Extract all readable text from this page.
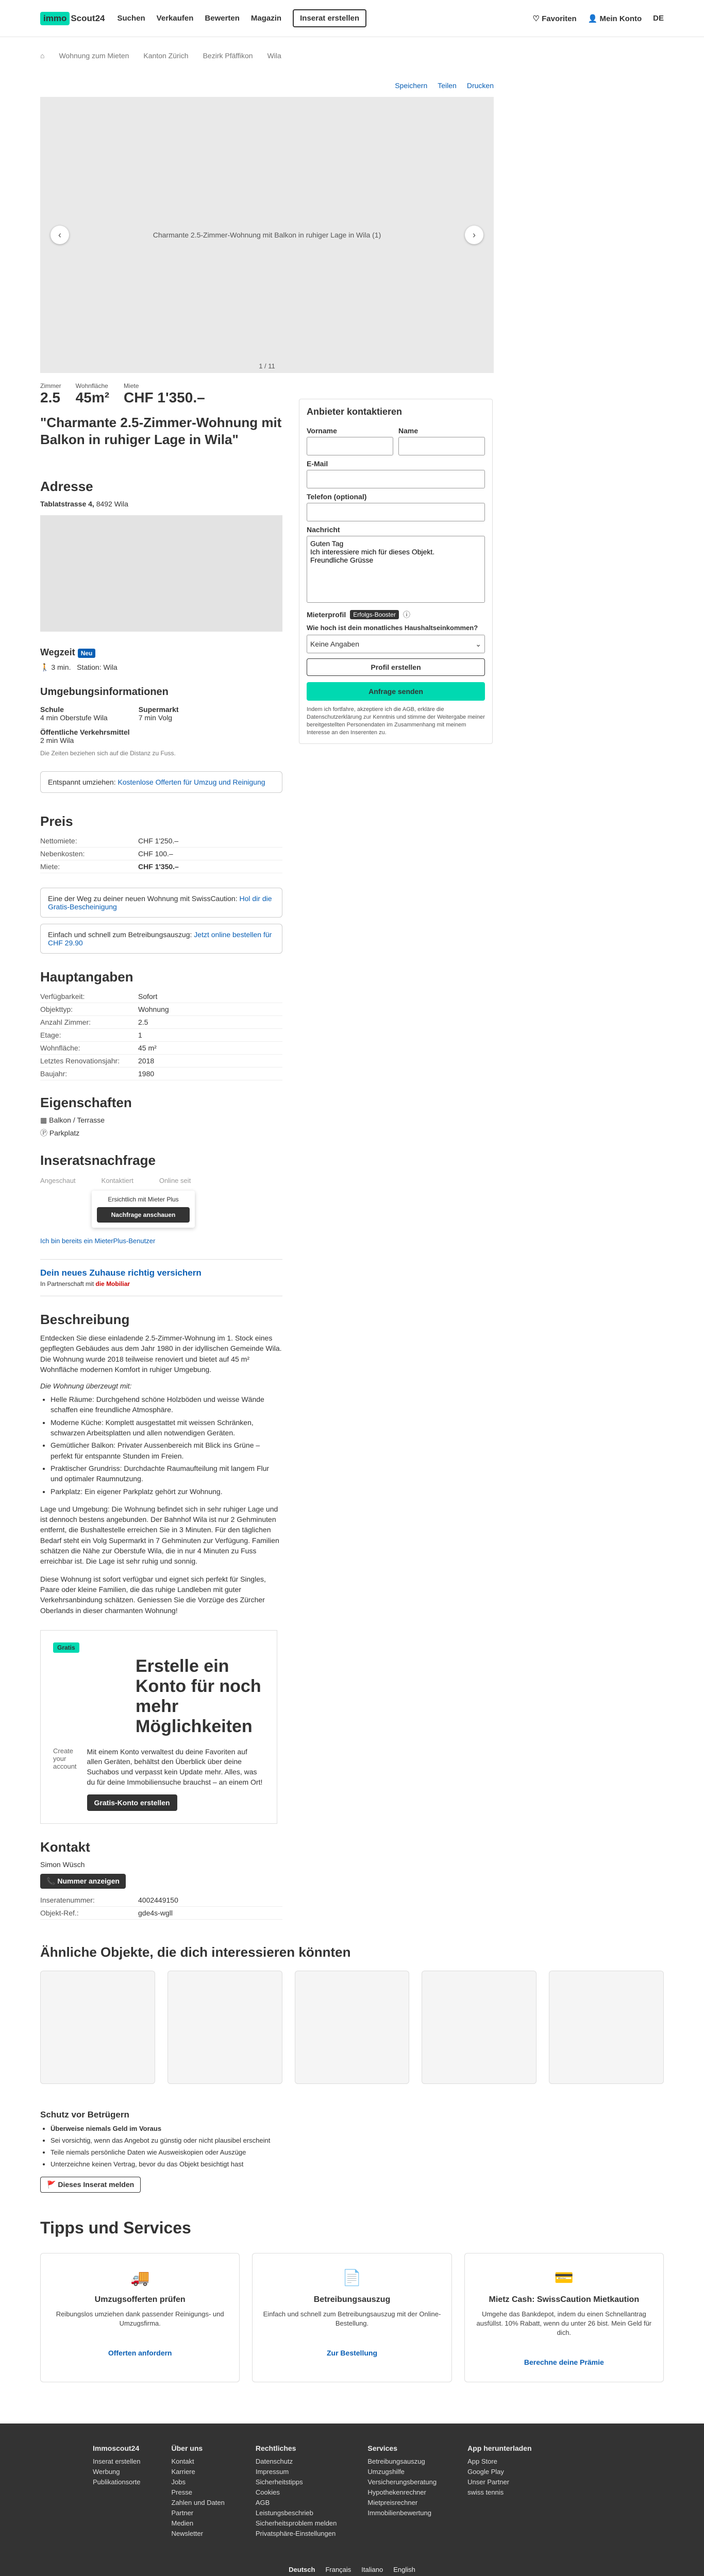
immo Scout24 Suchen Verkaufen Bewerten Magazin	Inserat erstellen	♡ Favoriten 👤 Mein Konto DE
⌂ Wohnung zum Mieten Kanton Zürich Bezirk Pfäffikon Wila
Speichern Teilen Drucken
Charmante 2.5-Zimmer-Wohnung mit Balkon in ruhiger Lage in Wila (1)
‹	›
1 / 11
Zimmer
2.5
Wohnfläche
45m²
Miete
CHF 1'350.–
"Charmante 2.5-Zimmer-Wohnung mit Balkon in ruhiger Lage in Wila"
Adresse
Tablatstrasse 4, 8492 Wila
Wegzeit Neu
🚶 3 min. Station: Wila
Umgebungsinformationen
Schule
4 min Oberstufe Wila
Supermarkt
7 min Volg
Öffentliche Verkehrsmittel
2 min Wila
Die Zeiten beziehen sich auf die Distanz zu Fuss.
Entspannt umziehen: Kostenlose Offerten für Umzug und Reinigung
Preis
Nettomiete:	CHF 1'250.–
Nebenkosten:	CHF 100.–
Miete:	CHF 1'350.–
Eine der Weg zu deiner neuen Wohnung mit SwissCaution: Hol dir die Gratis-Bescheinigung
Einfach und schnell zum Betreibungsauszug: Jetzt online bestellen für CHF 29.90
Hauptangaben
Verfügbarkeit:	Sofort
Objekttyp:	Wohnung
Anzahl Zimmer:	2.5
Etage:	1
Wohnfläche:	45 m²
Letztes Renovationsjahr:	2018
Baujahr:	1980
Eigenschaften
▦ Balkon / Terrasse
Ⓟ Parkplatz
Inseratsnachfrage
Angeschaut	Kontaktiert	Online seit
Ersichtlich mit Mieter Plus
Nachfrage anschauen
Ich bin bereits ein MieterPlus-Benutzer
Dein neues Zuhause richtig versichern
In Partnerschaft mit die Mobiliar
Beschreibung

Entdecken Sie diese einladende 2.5-Zimmer-Wohnung im 1. Stock eines gepflegten Gebäudes aus dem Jahr 1980 in der idyllischen Gemeinde Wila. Die Wohnung wurde 2018 teilweise renoviert und bietet auf 45 m² Wohnfläche modernen Komfort in ruhiger Umgebung.

Die Wohnung überzeugt mit:

• Helle Räume: Durchgehend schöne Holzböden und weisse Wände schaffen eine freundliche Atmosphäre.
• Moderne Küche: Komplett ausgestattet mit weissen Schränken, schwarzen Arbeitsplatten und allen notwendigen Geräten.
• Gemütlicher Balkon: Privater Aussenbereich mit Blick ins Grüne – perfekt für entspannte Stunden im Freien.
• Praktischer Grundriss: Durchdachte Raumaufteilung mit langem Flur und optimaler Raumnutzung.
• Parkplatz: Ein eigener Parkplatz gehört zur Wohnung.

Lage und Umgebung: Die Wohnung befindet sich in sehr ruhiger Lage und ist dennoch bestens angebunden. Der Bahnhof Wila ist nur 2 Gehminuten entfernt, die Bushaltestelle erreichen Sie in 3 Minuten. Für den täglichen Bedarf steht ein Volg Supermarkt in 7 Gehminuten zur Verfügung. Familien schätzen die Nähe zur Oberstufe Wila, die in nur 4 Minuten zu Fuss erreichbar ist. Die Lage ist sehr ruhig und sonnig.

Diese Wohnung ist sofort verfügbar und eignet sich perfekt für Singles, Paare oder kleine Familien, die das ruhige Landleben mit guter Verkehrsanbindung schätzen. Geniessen Sie die Vorzüge des Zürcher Oberlands in dieser charmanten Wohnung!

Gratis
Erstelle ein Konto für noch mehr Möglichkeiten
Create your account

Mit einem Konto verwaltest du deine Favoriten auf allen Geräten, behältst den Überblick über deine Suchabos und verpasst kein Update mehr. Alles, was du für deine Immobiliensuche brauchst – an einem Ort!

Gratis-Konto erstellen
Kontakt
Simon Wüsch
📞 Nummer anzeigen
Inseratenummer:	4002449150
Objekt-Ref.:	gde4s-wgll
Anbieter kontaktieren
Vorname	Name
E-Mail
Telefon (optional)
Nachricht
Guten Tag Ich interessiere mich für dieses Objekt. Freundliche Grüsse
Mieterprofil	Erfolgs-Booster	ⓘ
Wie hoch ist dein monatliches Haushaltseinkommen?
Keine Angaben	⌄
Profil erstellen
Anfrage senden

Indem ich fortfahre, akzeptiere ich die AGB, erkläre die Datenschutzerklärung zur Kenntnis und stimme der Weitergabe meiner bereitgestellten Personendaten im Zusammenhang mit meinem Interesse an den Inserenten zu.

Ähnliche Objekte, die dich interessieren könnten
Schutz vor Betrügern
• Überweise niemals Geld im Voraus
• Sei vorsichtig, wenn das Angebot zu günstig oder nicht plausibel erscheint
• Teile niemals persönliche Daten wie Ausweiskopien oder Auszüge
• Unterzeichne keinen Vertrag, bevor du das Objekt besichtigt hast
🚩 Dieses Inserat melden
Tipps und Services
🚚
Umzugsofferten prüfen

Reibungslos umziehen dank passender Reinigungs- und Umzugsfirma.

Offerten anfordern
📄
Betreibungsauszug

Einfach und schnell zum Betreibungsauszug mit der Online-Bestellung.

Zur Bestellung
💳
Mietz Cash: SwissCaution Mietkaution

Umgehe das Bankdepot, indem du einen Schnellantrag ausfüllst. 10% Rabatt, wenn du unter 26 bist. Mein Geld für dich.

Berechne deine Prämie
Immoscout24
Inserat erstellen
Werbung
Publikationsorte
Über uns
Kontakt
Karriere
Jobs
Presse
Zahlen und Daten
Partner
Medien
Newsletter
Rechtliches
Datenschutz
Impressum
Sicherheitstipps
Cookies
AGB
Leistungsbeschrieb
Sicherheitsproblem melden
Privatsphäre-Einstellungen
Services
Betreibungsauszug
Umzugshilfe
Versicherungsberatung
Hypothekenrechner
Mietpreisrechner
Immobilienbewertung
App herunterladen
App Store
Google Play
Unser Partner
swiss tennis
Deutsch Français Italiano English
